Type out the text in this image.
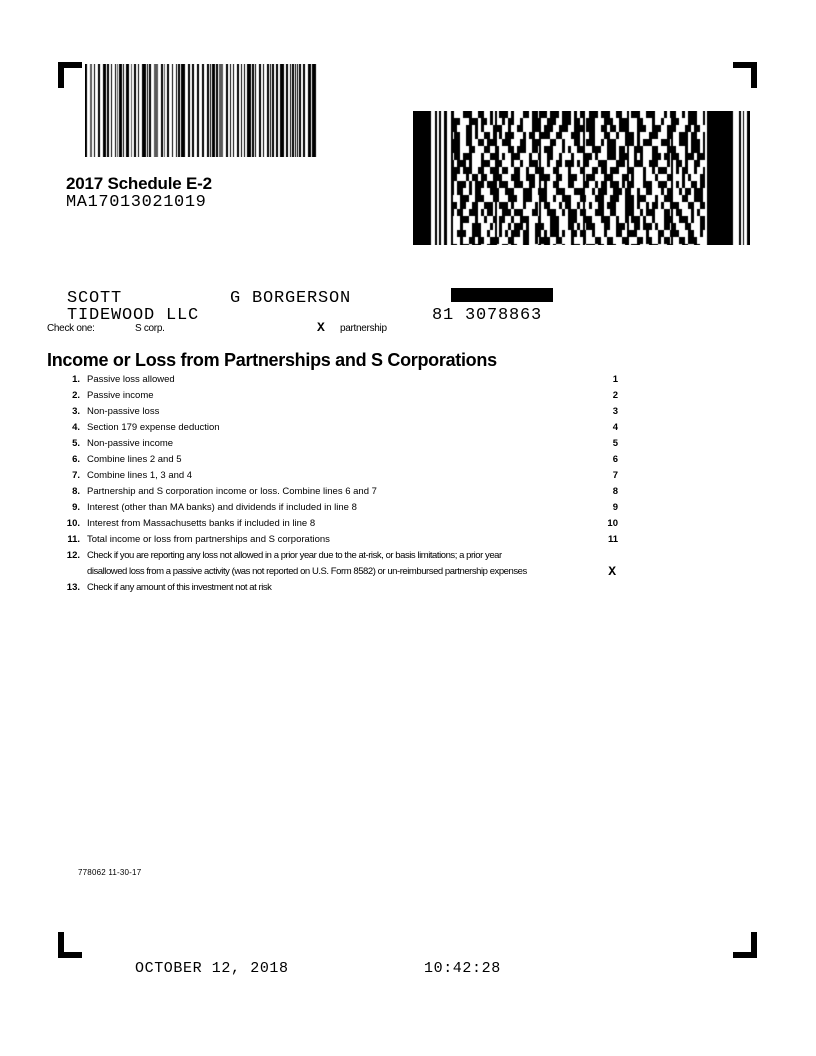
2017 Schedule E-2
MA17013021019
SCOTT	G BORGERSON
TIDEWOOD LLC	81 3078863
Check one:	S corp.	X partnership
Income or Loss from Partnerships and S Corporations
1. Passive loss allowed	1
2. Passive income	2
3. Non-passive loss	3
4. Section 179 expense deduction	4
5. Non-passive income	5
6. Combine lines 2 and 5	6
7. Combine lines 1, 3 and 4	7
8. Partnership and S corporation income or loss. Combine lines 6 and 7	8
9. Interest (other than MA banks) and dividends if included in line 8	9
10. Interest from Massachusetts banks if included in line 8	10
11. Total income or loss from partnerships and S corporations	11
12. Check if you are reporting any loss not allowed in a prior year due to the at-risk, or basis limitations; a prior year
disallowed loss from a passive activity (was not reported on U.S. Form 8582) or un-reimbursed partnership expenses	X
13. Check if any amount of this investment not at risk
778062 11-30-17
OCTOBER 12, 2018	10:42:28
